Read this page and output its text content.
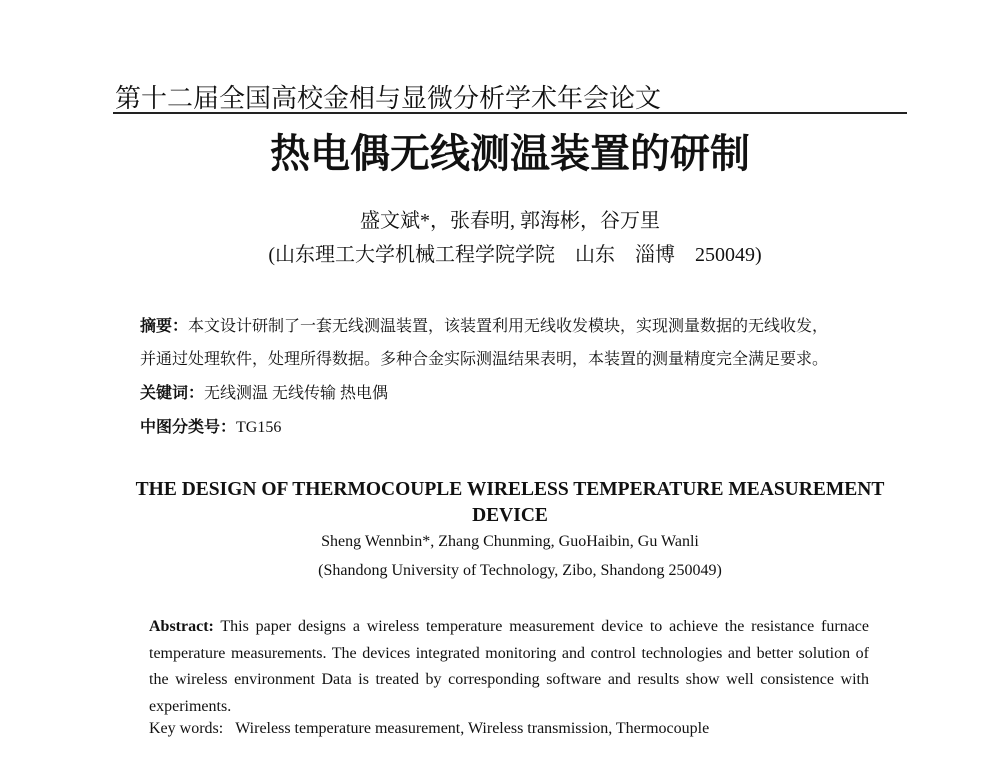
第十二届全国高校金相与显微分析学术年会论文
热电偶无线测温装置的研制
盛文斌*，张春明, 郭海彬，谷万里
(山东理工大学机械工程学院学院　山东　淄博　250049)
摘要：本文设计研制了一套无线测温装置，该装置利用无线收发模块，实现测量数据的无线收发，
并通过处理软件，处理所得数据。多种合金实际测温结果表明，本装置的测量精度完全满足要求。
关键词：无线测温 无线传输 热电偶
中图分类号：TG156
THE DESIGN OF THERMOCOUPLE WIRELESS TEMPERATURE MEASUREMENT
DEVICE
Sheng Wennbin*, Zhang Chunming, GuoHaibin, Gu Wanli
(Shandong University of Technology, Zibo, Shandong 250049)
Abstract: This paper designs a wireless temperature measurement device to achieve the resistance furnace temperature measurements. The devices integrated monitoring and control technologies and better solution of the wireless environment Data is treated by corresponding software and results show well consistence with experiments.
Key words: Wireless temperature measurement, Wireless transmission, Thermocouple
